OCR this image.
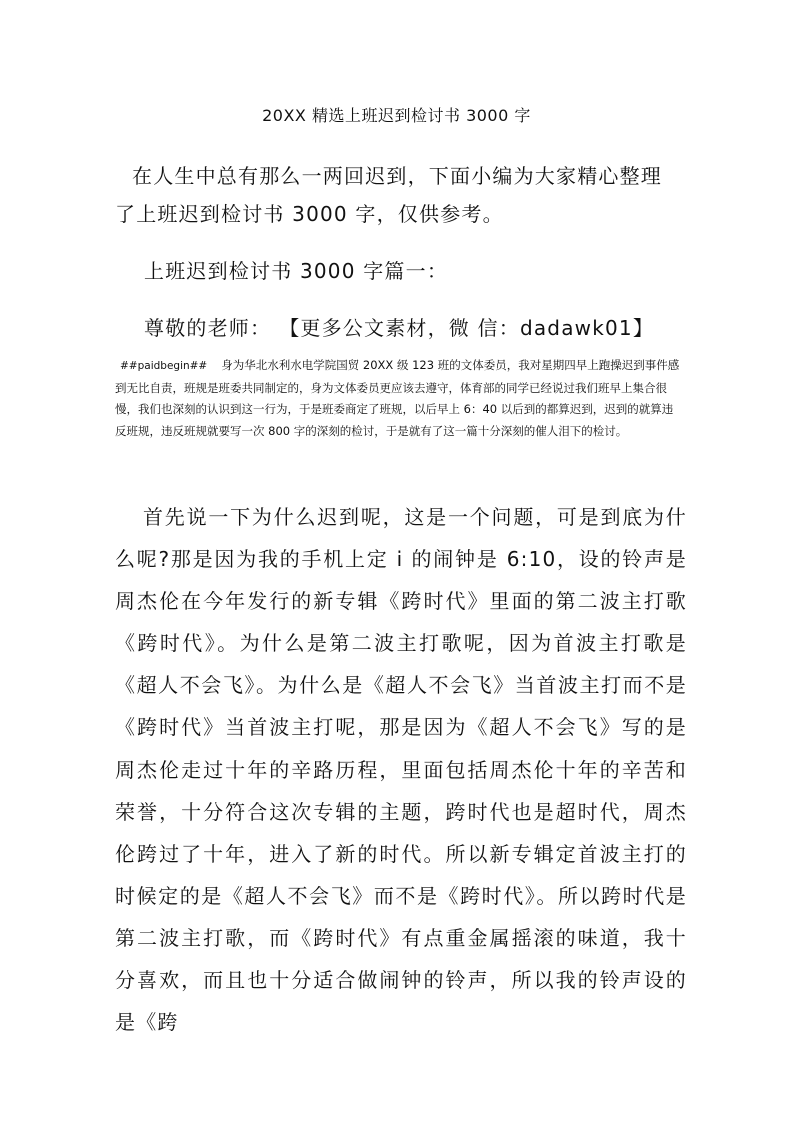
20XX 精选上班迟到检讨书 3000 字

在人生中总有那么一两回迟到，下面小编为大家精心整理
了上班迟到检讨书 3000 字，仅供参考。

上班迟到检讨书 3000 字篇一：
尊敬的老师： 【更多公文素材，微 信：dadawk01】

##paidbegin## 身为华北水利水电学院国贸 20XX 级 123 班的文体委员，我对星期四早上跑操迟到事件感到无比自责，班规是班委共同制定的，身为文体委员更应该去遵守，体育部的同学已经说过我们班早上集合很慢，我们也深刻的认识到这一行为，于是班委商定了班规，以后早上 6：40 以后到的都算迟到，迟到的就算违反班规，违反班规就要写一次 800 字的深刻的检讨，于是就有了这一篇十分深刻的催人泪下的检讨。

首先说一下为什么迟到呢，这是一个问题，可是到底为什么呢?那是因为我的手机上定 i 的闹钟是 6:10，设的铃声是周杰伦在今年发行的新专辑《跨时代》里面的第二波主打歌《跨时代》。为什么是第二波主打歌呢，因为首波主打歌是《超人不会飞》。为什么是《超人不会飞》当首波主打而不是《跨时代》当首波主打呢，那是因为《超人不会飞》写的是周杰伦走过十年的辛路历程，里面包括周杰伦十年的辛苦和荣誉，十分符合这次专辑的主题，跨时代也是超时代，周杰伦跨过了十年，进入了新的时代。所以新专辑定首波主打的时候定的是《超人不会飞》而不是《跨时代》。所以跨时代是第二波主打歌，而《跨时代》有点重金属摇滚的味道，我十分喜欢，而且也十分适合做闹钟的铃声，所以我的铃声设的是《跨
